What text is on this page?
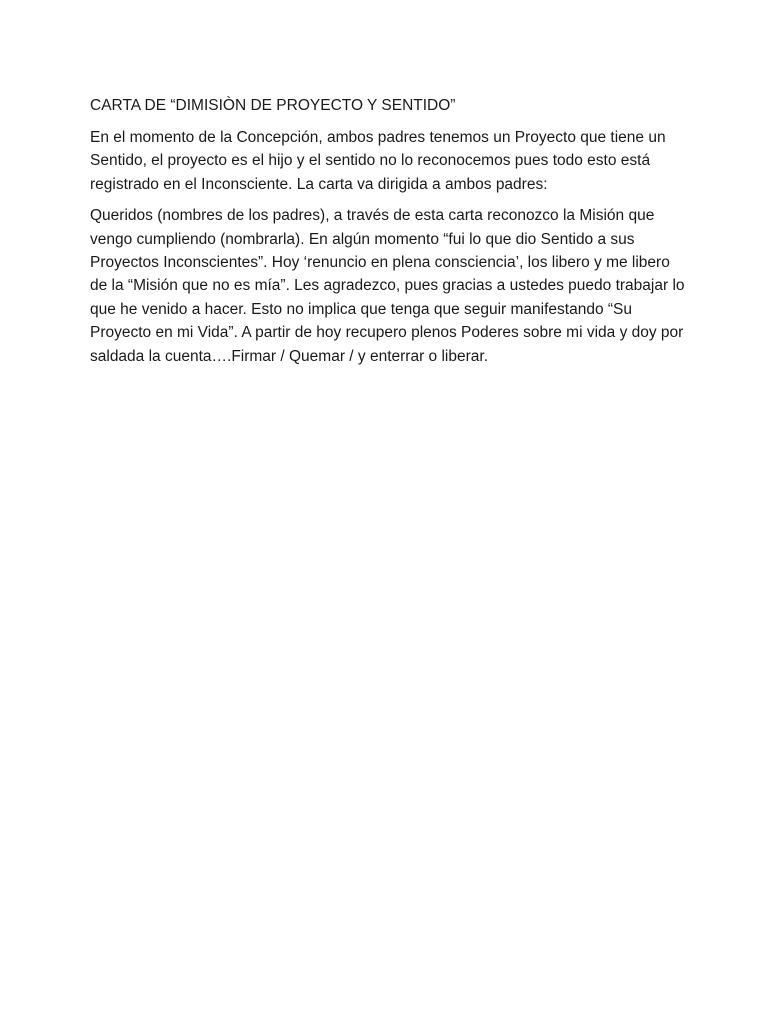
CARTA DE “DIMISIÒN DE PROYECTO Y SENTIDO”

En el momento de la Concepción, ambos padres tenemos un Proyecto que tiene un Sentido, el proyecto es el hijo y el sentido no lo reconocemos pues todo esto está registrado en el Inconsciente. La carta va dirigida a ambos padres:

Queridos (nombres de los padres), a través de esta carta reconozco la Misión que vengo cumpliendo (nombrarla). En algún momento “fui lo que dio Sentido a sus Proyectos Inconscientes”. Hoy ‘renuncio en plena consciencia’, los libero y me libero de la “Misión que no es mía”. Les agradezco, pues gracias a ustedes puedo trabajar lo que he venido a hacer. Esto no implica que tenga que seguir manifestando “Su Proyecto en mi Vida”. A partir de hoy recupero plenos Poderes sobre mi vida y doy por saldada la cuenta….Firmar / Quemar / y enterrar o liberar.
